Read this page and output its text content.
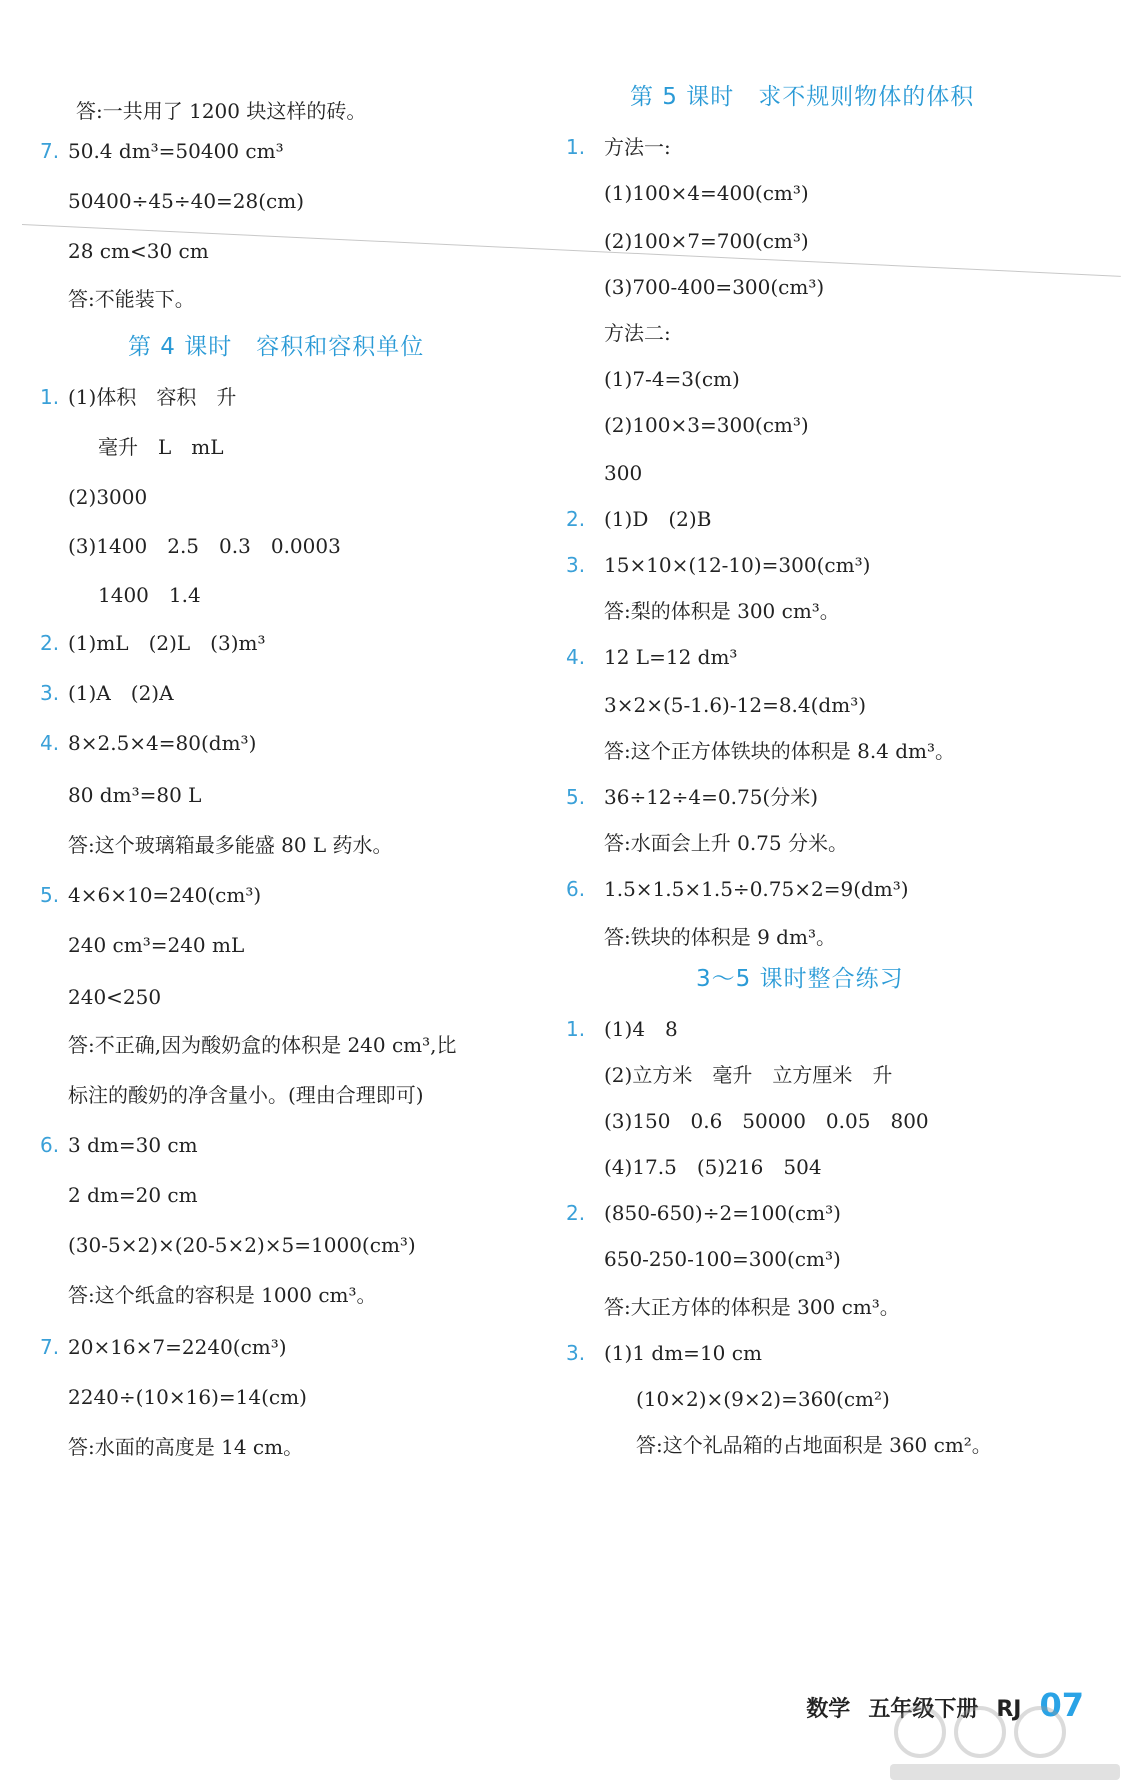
答:一共用了 1200 块这样的砖。
7. 50.4 dm³=50400 cm³
50400÷45÷40=28(cm)
28 cm<30 cm
答:不能装下。
第 4 课时　容积和容积单位
1. (1)体积　容积　升
毫升　L　mL
(2)3000
(3)1400　2.5　0.3　0.0003
1400　1.4
2. (1)mL　(2)L　(3)m³
3. (1)A　(2)A
4. 8×2.5×4=80(dm³)
80 dm³=80 L
答:这个玻璃箱最多能盛 80 L 药水。
5. 4×6×10=240(cm³)
240 cm³=240 mL
240<250
答:不正确,因为酸奶盒的体积是 240 cm³,比
标注的酸奶的净含量小。(理由合理即可)
6. 3 dm=30 cm
2 dm=20 cm
(30-5×2)×(20-5×2)×5=1000(cm³)
答:这个纸盒的容积是 1000 cm³。
7. 20×16×7=2240(cm³)
2240÷(10×16)=14(cm)
答:水面的高度是 14 cm。
第 5 课时　求不规则物体的体积
1. 方法一:
(1)100×4=400(cm³)
(2)100×7=700(cm³)
(3)700-400=300(cm³)
方法二:
(1)7-4=3(cm)
(2)100×3=300(cm³)
300
2. (1)D　(2)B
3. 15×10×(12-10)=300(cm³)
答:梨的体积是 300 cm³。
4. 12 L=12 dm³
3×2×(5-1.6)-12=8.4(dm³)
答:这个正方体铁块的体积是 8.4 dm³。
5. 36÷12÷4=0.75(分米)
答:水面会上升 0.75 分米。
6. 1.5×1.5×1.5÷0.75×2=9(dm³)
答:铁块的体积是 9 dm³。
3～5 课时整合练习
1. (1)4　8
(2)立方米　毫升　立方厘米　升
(3)150　0.6　50000　0.05　800
(4)17.5　(5)216　504
2. (850-650)÷2=100(cm³)
650-250-100=300(cm³)
答:大正方体的体积是 300 cm³。
3. (1)1 dm=10 cm
(10×2)×(9×2)=360(cm²)
答:这个礼品箱的占地面积是 360 cm²。
数学 五年级下册 RJ 07
